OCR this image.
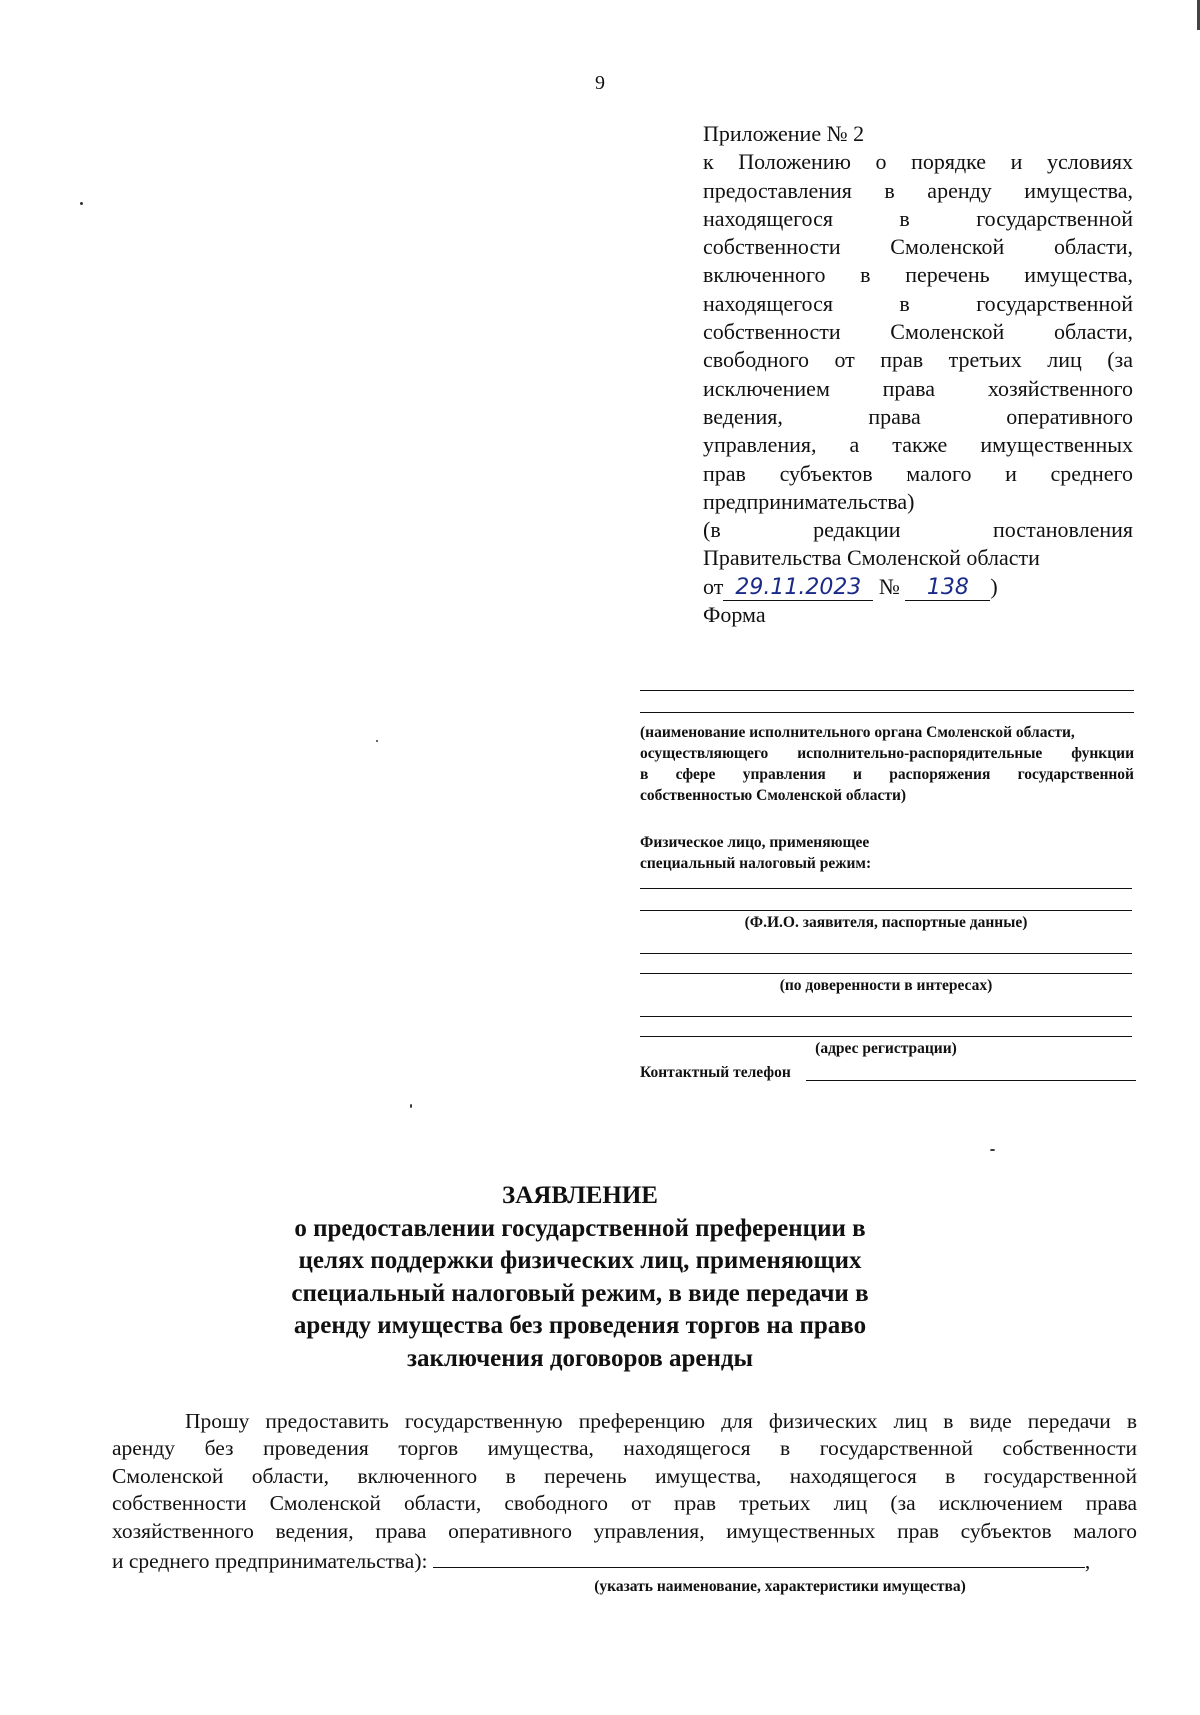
9
Приложение № 2
к Положению о порядке и условиях
предоставления в аренду имущества,
находящегося в государственной
собственности Смоленской области,
включенного в перечень имущества,
находящегося в государственной
собственности Смоленской области,
свободного от прав третьих лиц (за
исключением права хозяйственного
ведения, права оперативного
управления, а также имущественных
прав субъектов малого и среднего
предпринимательства)
(в редакции постановления
Правительства Смоленской области
от 29.11.2023 № 138 )
Форма
(наименование исполнительного органа Смоленской области,
осуществляющего исполнительно-распорядительные функции
в сфере управления и распоряжения государственной
собственностью Смоленской области)
Физическое лицо, применяющее
специальный налоговый режим:
(Ф.И.О. заявителя, паспортные данные)
(по доверенности в интересах)
(адрес регистрации)
Контактный телефон
ЗАЯВЛЕНИЕ
о предоставлении государственной преференции в
целях поддержки физических лиц, применяющих
специальный налоговый режим, в виде передачи в
аренду имущества без проведения торгов на право
заключения договоров аренды
Прошу предоставить государственную преференцию для физических лиц в виде передачи в
аренду без проведения торгов имущества, находящегося в государственной собственности
Смоленской области, включенного в перечень имущества, находящегося в государственной
собственности Смоленской области, свободного от прав третьих лиц (за исключением права
хозяйственного ведения, права оперативного управления, имущественных прав субъектов малого
и среднего предпринимательства):	,
(указать наименование, характеристики имущества)
